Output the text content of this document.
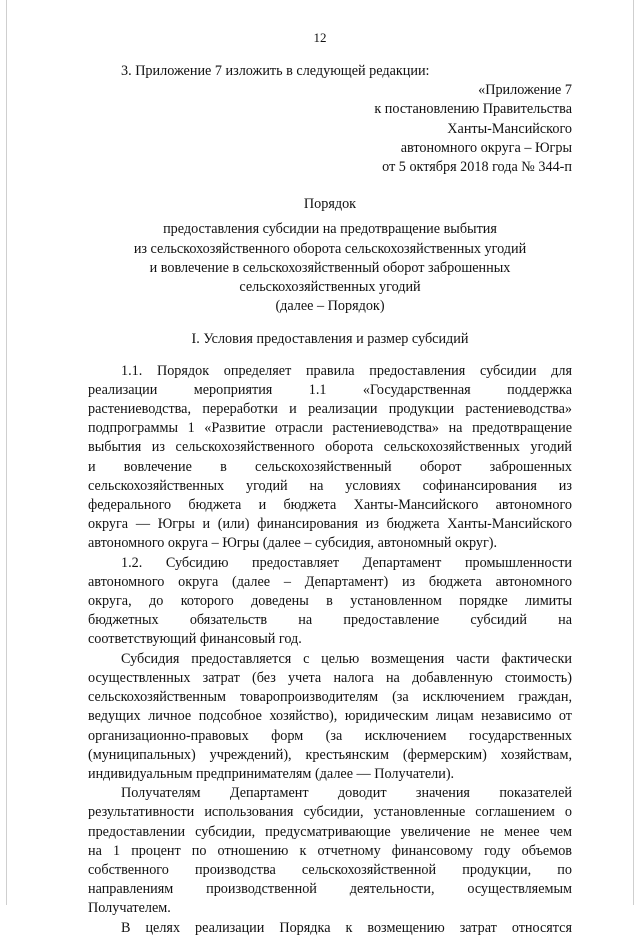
12

3. Приложение 7 изложить в следующей редакции:

«Приложение 7
к постановлению Правительства
Ханты-Мансийского
автономного округа – Югры
от 5 октября 2018 года № 344-п
Порядок
предоставления субсидии на предотвращение выбытия
из сельскохозяйственного оборота сельскохозяйственных угодий
и вовлечение в сельскохозяйственный оборот заброшенных
сельскохозяйственных угодий
(далее – Порядок)
I. Условия предоставления и размер субсидий
1.1. Порядок определяет правила предоставления субсидии для
реализации мероприятия 1.1 «Государственная поддержка
растениеводства, переработки и реализации продукции растениеводства»
подпрограммы 1 «Развитие отрасли растениеводства» на предотвращение
выбытия из сельскохозяйственного оборота сельскохозяйственных угодий
и вовлечение в сельскохозяйственный оборот заброшенных
сельскохозяйственных угодий на условиях софинансирования из
федерального бюджета и бюджета Ханты-Мансийского автономного
округа — Югры и (или) финансирования из бюджета Ханты-Мансийского
автономного округа – Югры (далее – субсидия, автономный округ).
1.2. Субсидию предоставляет Департамент промышленности
автономного округа (далее – Департамент) из бюджета автономного
округа, до которого доведены в установленном порядке лимиты
бюджетных обязательств на предоставление субсидий на
соответствующий финансовый год.
Субсидия предоставляется с целью возмещения части фактически
осуществленных затрат (без учета налога на добавленную стоимость)
сельскохозяйственным товаропроизводителям (за исключением граждан,
ведущих личное подсобное хозяйство), юридическим лицам независимо от
организационно-правовых форм (за исключением государственных
(муниципальных) учреждений), крестьянским (фермерским) хозяйствам,
индивидуальным предпринимателям (далее — Получатели).
Получателям Департамент доводит значения показателей
результативности использования субсидии, установленные соглашением о
предоставлении субсидии, предусматривающие увеличение не менее чем
на 1 процент по отношению к отчетному финансовому году объемов
собственного производства сельскохозяйственной продукции, по
направлениям производственной деятельности, осуществляемым
Получателем.
В целях реализации Порядка к возмещению затрат относятся
